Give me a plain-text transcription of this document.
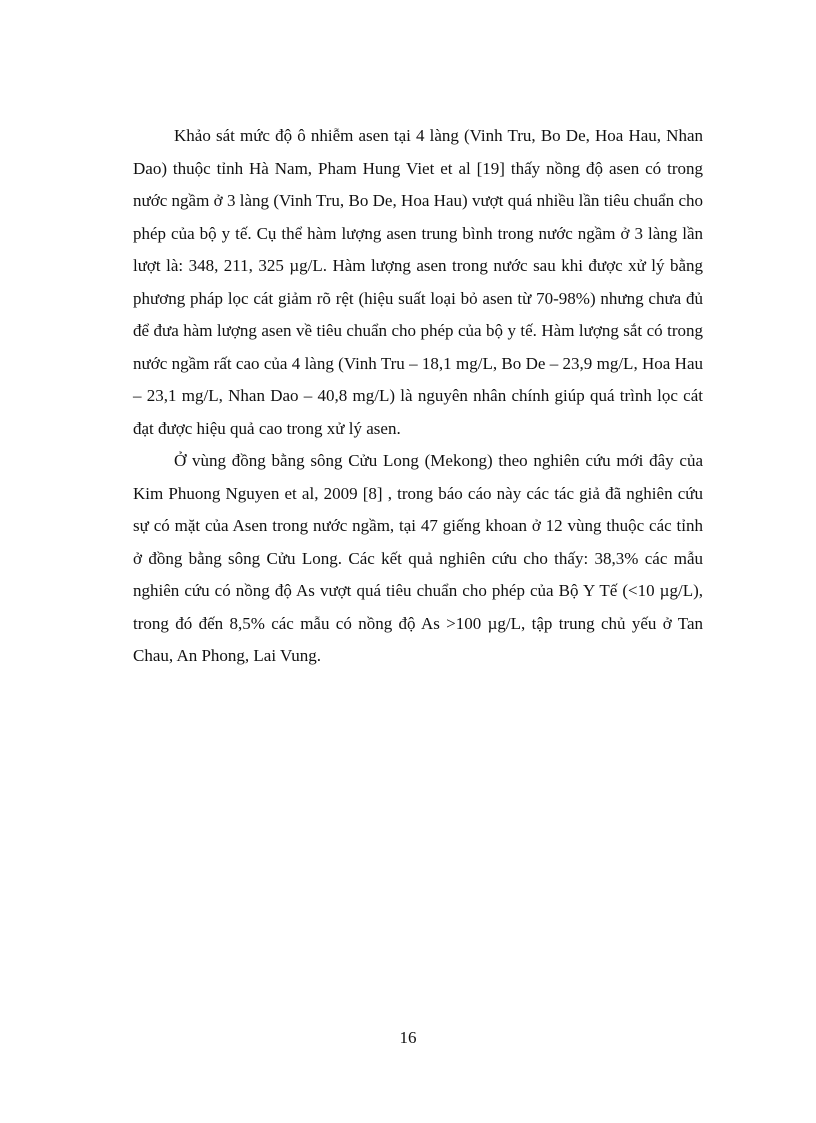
Khảo sát mức độ ô nhiễm asen tại 4 làng (Vinh Tru, Bo De, Hoa Hau, Nhan Dao) thuộc tỉnh Hà Nam, Pham Hung Viet et al [19] thấy nồng độ asen có trong nước ngầm ở 3 làng (Vinh Tru, Bo De, Hoa Hau) vượt quá nhiều lần tiêu chuẩn cho phép của bộ y tế. Cụ thể hàm lượng asen trung bình trong nước ngầm ở 3 làng lần lượt là: 348, 211, 325 µg/L. Hàm lượng asen trong nước sau khi được xử lý bằng phương pháp lọc cát giảm rõ rệt (hiệu suất loại bỏ asen từ 70-98%) nhưng chưa đủ để đưa hàm lượng asen về tiêu chuẩn cho phép của bộ y tế. Hàm lượng sắt có trong nước ngầm rất cao của 4 làng (Vinh Tru – 18,1 mg/L, Bo De – 23,9 mg/L, Hoa Hau – 23,1 mg/L, Nhan Dao – 40,8 mg/L) là nguyên nhân chính giúp quá trình lọc cát đạt được hiệu quả cao trong xử lý asen.

Ở vùng đồng bằng sông Cửu Long (Mekong) theo nghiên cứu mới đây của Kim Phuong Nguyen et al, 2009 [8] , trong báo cáo này các tác giả đã nghiên cứu sự có mặt của Asen trong nước ngầm, tại 47 giếng khoan ở 12 vùng thuộc các tỉnh ở đồng bằng sông Cửu Long. Các kết quả nghiên cứu cho thấy: 38,3% các mẫu nghiên cứu có nồng độ As vượt quá tiêu chuẩn cho phép của Bộ Y Tế (<10 µg/L), trong đó đến 8,5% các mẫu có nồng độ As >100 µg/L, tập trung chủ yếu ở Tan Chau, An Phong, Lai Vung.

16
